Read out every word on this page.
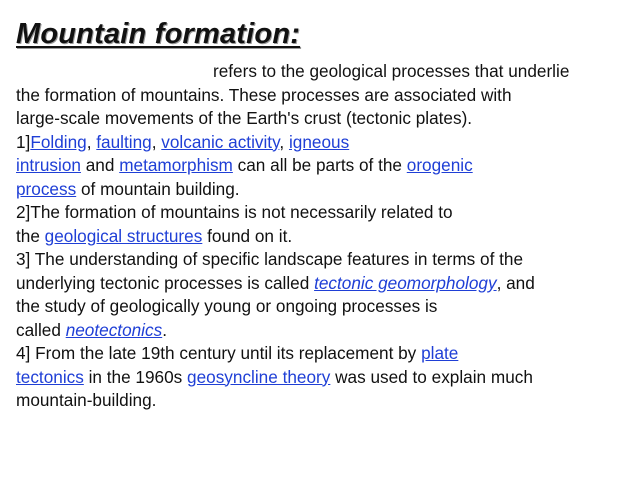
Mountain formation:
refers to the geological processes that underlie
the formation of mountains. These processes are associated with
large-scale movements of the Earth's crust (tectonic plates).
1]Folding, faulting, volcanic activity, igneous
intrusion and metamorphism can all be parts of the orogenic
process of mountain building.
2]The formation of mountains is not necessarily related to
the geological structures found on it.
3] The understanding of specific landscape features in terms of the
underlying tectonic processes is called tectonic geomorphology, and
the study of geologically young or ongoing processes is
called neotectonics.
4] From the late 19th century until its replacement by plate
tectonics in the 1960s geosyncline theory was used to explain much
mountain-building.
